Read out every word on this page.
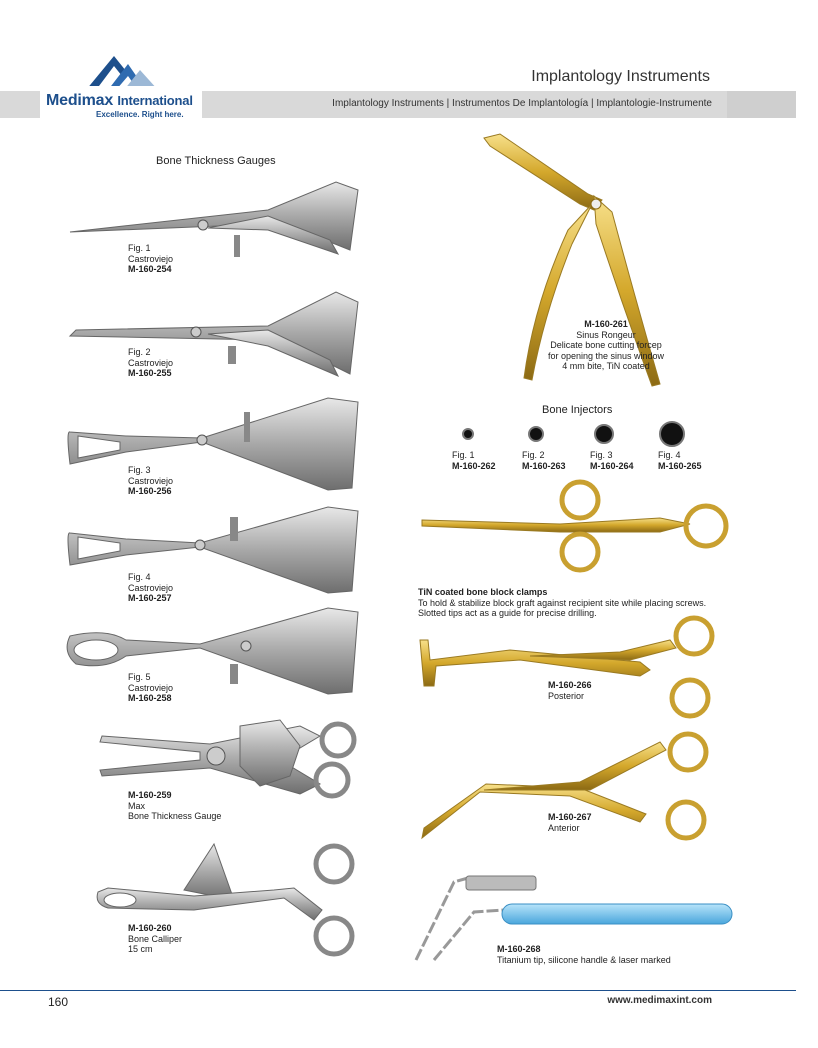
Medimax International
Excellence. Right here.
Implantology Instruments
Implantology Instruments | Instrumentos De Implantología | Implantologie-Instrumente
Bone Thickness Gauges
Fig. 1
Castroviejo
M-160-254
Fig. 2
Castroviejo
M-160-255
Fig. 3
Castroviejo
M-160-256
Fig. 4
Castroviejo
M-160-257
Fig. 5
Castroviejo
M-160-258
M-160-259
Max
Bone Thickness Gauge
M-160-260
Bone Calliper
15 cm
M-160-261
Sinus Rongeur
Delicate bone cutting forcep
for opening the sinus window
4 mm bite, TiN coated
Bone Injectors
Fig. 1
M-160-262
Fig. 2
M-160-263
Fig. 3
M-160-264
Fig. 4
M-160-265
TiN coated bone block clamps
To hold & stabilize block graft against recipient site while placing screws.
Slotted tips act as a guide for precise drilling.
M-160-266
Posterior
M-160-267
Anterior
M-160-268
Titanium tip, silicone handle & laser marked
160	www.medimaxint.com
